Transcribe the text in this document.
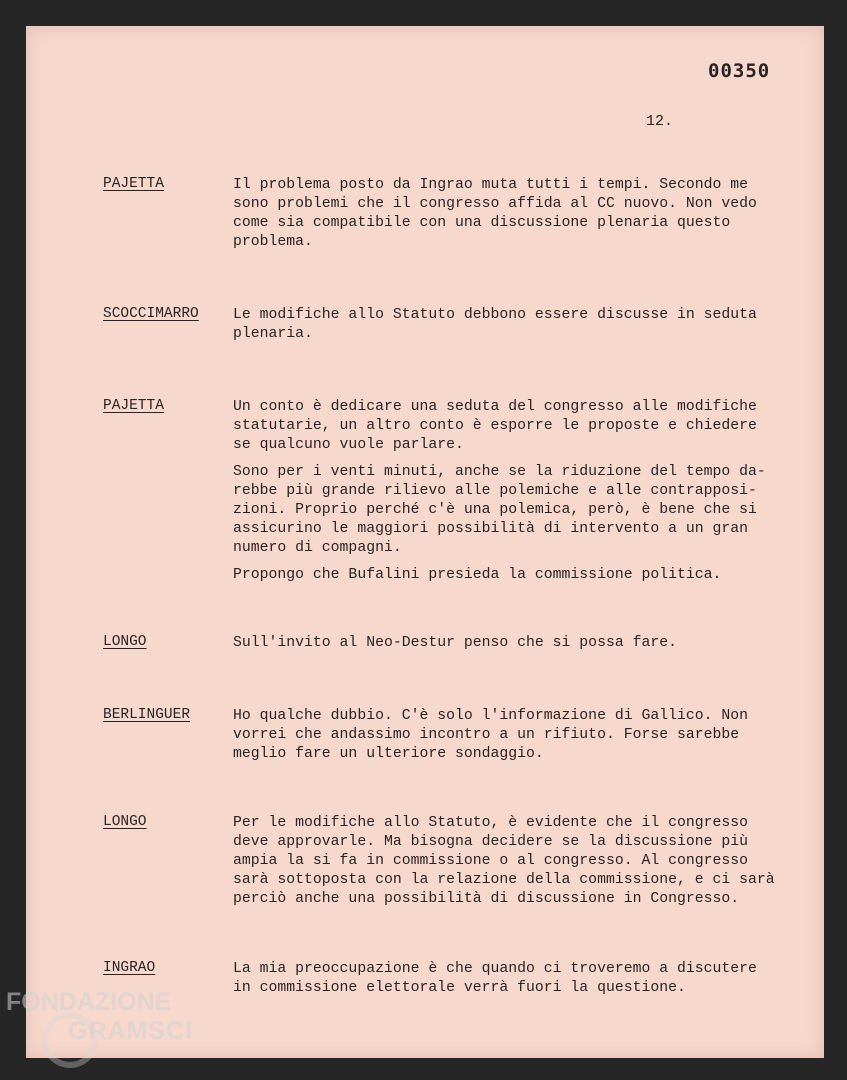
00350
12.
PAJETTA	Il problema posto da Ingrao muta tutti i tempi. Secondo me
sono problemi che il congresso affida al CC nuovo. Non vedo
come sia compatibile con una discussione plenaria questo
problema.

SCOCCIMARRO Le modifiche allo Statuto debbono essere discusse in seduta
plenaria.

PAJETTA	Un conto è dedicare una seduta del congresso alle modifiche
statutarie, un altro conto è esporre le proposte e chiedere
se qualcuno vuole parlare.

Sono per i venti minuti, anche se la riduzione del tempo da-
rebbe più grande rilievo alle polemiche e alle contrapposi-
zioni. Proprio perché c'è una polemica, però, è bene che si
assicurino le maggiori possibilità di intervento a un gran
numero di compagni.

Propongo che Bufalini presieda la commissione politica.

LONGO	Sull'invito al Neo-Destur penso che si possa fare.

BERLINGUER	Ho qualche dubbio. C'è solo l'informazione di Gallico. Non
vorrei che andassimo incontro a un rifiuto. Forse sarebbe
meglio fare un ulteriore sondaggio.

LONGO	Per le modifiche allo Statuto, è evidente che il congresso
deve approvarle. Ma bisogna decidere se la discussione più
ampia la si fa in commissione o al congresso. Al congresso
sarà sottoposta con la relazione della commissione, e ci sarà
perciò anche una possibilità di discussione in Congresso.

INGRAO	La mia preoccupazione è che quando ci troveremo a discutere
in commissione elettorale verrà fuori la questione.

FONDAZIONE
GRAMSCI
